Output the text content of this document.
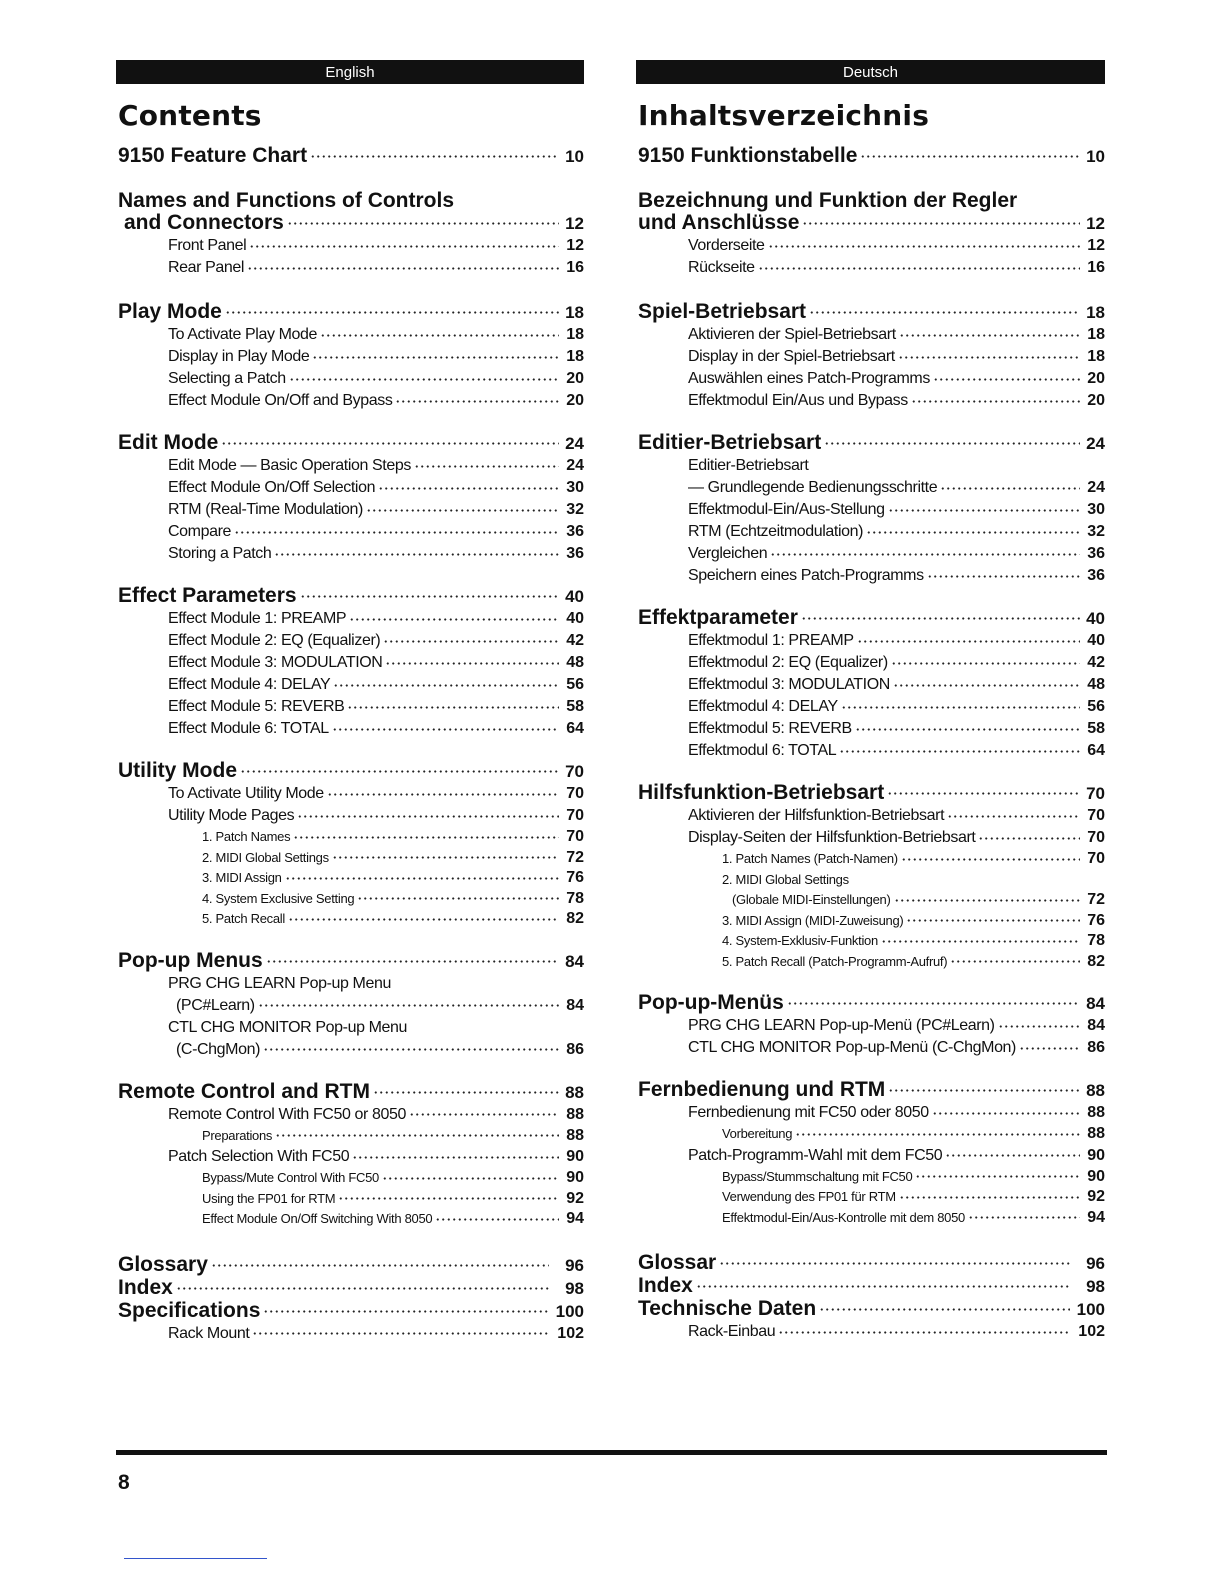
English
Contents
9150 Feature Chart	10
Names and Functions of Controls
and Connectors	12
Front Panel	12
Rear Panel	16
Play Mode	18
To Activate Play Mode	18
Display in Play Mode	18
Selecting a Patch	20
Effect Module On/Off and Bypass	20
Edit Mode	24
Edit Mode — Basic Operation Steps	24
Effect Module On/Off Selection	30
RTM (Real-Time Modulation)	32
Compare	36
Storing a Patch	36
Effect Parameters	40
Effect Module 1: PREAMP	40
Effect Module 2: EQ (Equalizer)	42
Effect Module 3: MODULATION	48
Effect Module 4: DELAY	56
Effect Module 5: REVERB	58
Effect Module 6: TOTAL	64
Utility Mode	70
To Activate Utility Mode	70
Utility Mode Pages	70
1. Patch Names	70
2. MIDI Global Settings	72
3. MIDI Assign	76
4. System Exclusive Setting	78
5. Patch Recall	82
Pop-up Menus	84
PRG CHG LEARN Pop-up Menu
(PC#Learn)	84
CTL CHG MONITOR Pop-up Menu
(C-ChgMon)	86
Remote Control and RTM	88
Remote Control With FC50 or 8050	88
Preparations	88
Patch Selection With FC50	90
Bypass/Mute Control With FC50	90
Using the FP01 for RTM	92
Effect Module On/Off Switching With 8050	94
Glossary	96
Index	98
Specifications	100
Rack Mount	102
Deutsch
Inhaltsverzeichnis
9150 Funktionstabelle	10
Bezeichnung und Funktion der Regler
und Anschlüsse	12
Vorderseite	12
Rückseite	16
Spiel-Betriebsart	18
Aktivieren der Spiel-Betriebsart	18
Display in der Spiel-Betriebsart	18
Auswählen eines Patch-Programms	20
Effektmodul Ein/Aus und Bypass	20
Editier-Betriebsart	24
Editier-Betriebsart
— Grundlegende Bedienungsschritte	24
Effektmodul-Ein/Aus-Stellung	30
RTM (Echtzeitmodulation)	32
Vergleichen	36
Speichern eines Patch-Programms	36
Effektparameter	40
Effektmodul 1: PREAMP	40
Effektmodul 2: EQ (Equalizer)	42
Effektmodul 3: MODULATION	48
Effektmodul 4: DELAY	56
Effektmodul 5: REVERB	58
Effektmodul 6: TOTAL	64
Hilfsfunktion-Betriebsart	70
Aktivieren der Hilfsfunktion-Betriebsart	70
Display-Seiten der Hilfsfunktion-Betriebsart	70
1. Patch Names (Patch-Namen)	70
2. MIDI Global Settings
(Globale MIDI-Einstellungen)	72
3. MIDI Assign (MIDI-Zuweisung)	76
4. System-Exklusiv-Funktion	78
5. Patch Recall (Patch-Programm-Aufruf)	82
Pop-up-Menüs	84
PRG CHG LEARN Pop-up-Menü (PC#Learn)	84
CTL CHG MONITOR Pop-up-Menü (C-ChgMon)	86
Fernbedienung und RTM	88
Fernbedienung mit FC50 oder 8050	88
Vorbereitung	88
Patch-Programm-Wahl mit dem FC50	90
Bypass/Stummschaltung mit FC50	90
Verwendung des FP01 für RTM	92
Effektmodul-Ein/Aus-Kontrolle mit dem 8050	94
Glossar	96
Index	98
Technische Daten	100
Rack-Einbau	102
8
